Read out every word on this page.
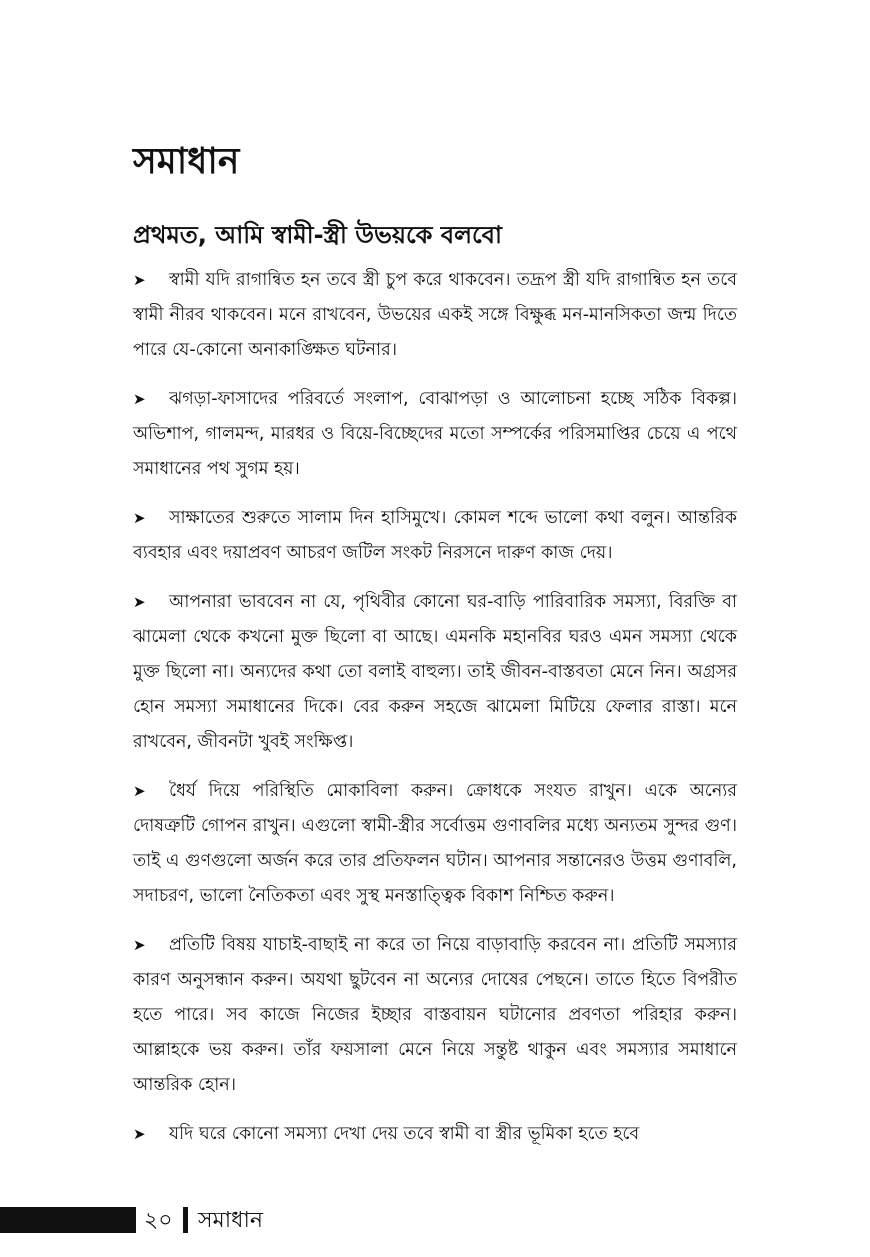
সমাধান
প্রথমত, আমি স্বামী-স্ত্রী উভয়কে বলবো

➤ স্বামী যদি রাগান্বিত হন তবে স্ত্রী চুপ করে থাকবেন। তদ্রূপ স্ত্রী যদি রাগান্বিত হন তবে স্বামী নীরব থাকবেন। মনে রাখবেন, উভয়ের একই সঙ্গে বিক্ষুব্ধ মন-মানসিকতা জন্ম দিতে পারে যে-কোনো অনাকাঙ্ক্ষিত ঘটনার।

➤ ঝগড়া-ফাসাদের পরিবর্তে সংলাপ, বোঝাপড়া ও আলোচনা হচ্ছে সঠিক বিকল্প। অভিশাপ, গালমন্দ, মারধর ও বিয়ে-বিচ্ছেদের মতো সম্পর্কের পরিসমাপ্তির চেয়ে এ পথে সমাধানের পথ সুগম হয়।

➤ সাক্ষাতের শুরুতে সালাম দিন হাসিমুখে। কোমল শব্দে ভালো কথা বলুন। আন্তরিক ব্যবহার এবং দয়াপ্রবণ আচরণ জটিল সংকট নিরসনে দারুণ কাজ দেয়।

➤ আপনারা ভাববেন না যে, পৃথিবীর কোনো ঘর-বাড়ি পারিবারিক সমস্যা, বিরক্তি বা ঝামেলা থেকে কখনো মুক্ত ছিলো বা আছে। এমনকি মহানবির ঘরও এমন সমস্যা থেকে মুক্ত ছিলো না। অন্যদের কথা তো বলাই বাহুল্য। তাই জীবন-বাস্তবতা মেনে নিন। অগ্রসর হোন সমস্যা সমাধানের দিকে। বের করুন সহজে ঝামেলা মিটিয়ে ফেলার রাস্তা। মনে রাখবেন, জীবনটা খুবই সংক্ষিপ্ত।

➤ ধৈর্য দিয়ে পরিস্থিতি মোকাবিলা করুন। ক্রোধকে সংযত রাখুন। একে অন্যের দোষত্রুটি গোপন রাখুন। এগুলো স্বামী-স্ত্রীর সর্বোত্তম গুণাবলির মধ্যে অন্যতম সুন্দর গুণ। তাই এ গুণগুলো অর্জন করে তার প্রতিফলন ঘটান। আপনার সন্তানেরও উত্তম গুণাবলি, সদাচরণ, ভালো নৈতিকতা এবং সুস্থ মনস্তাত্ত্বিক বিকাশ নিশ্চিত করুন।

➤ প্রতিটি বিষয় যাচাই-বাছাই না করে তা নিয়ে বাড়াবাড়ি করবেন না। প্রতিটি সমস্যার কারণ অনুসন্ধান করুন। অযথা ছুটবেন না অন্যের দোষের পেছনে। তাতে হিতে বিপরীত হতে পারে। সব কাজে নিজের ইচ্ছার বাস্তবায়ন ঘটানোর প্রবণতা পরিহার করুন। আল্লাহকে ভয় করুন। তাঁর ফয়সালা মেনে নিয়ে সন্তুষ্ট থাকুন এবং সমস্যার সমাধানে আন্তরিক হোন।

➤ যদি ঘরে কোনো সমস্যা দেখা দেয় তবে স্বামী বা স্ত্রীর ভূমিকা হতে হবে

২০ সমাধান
